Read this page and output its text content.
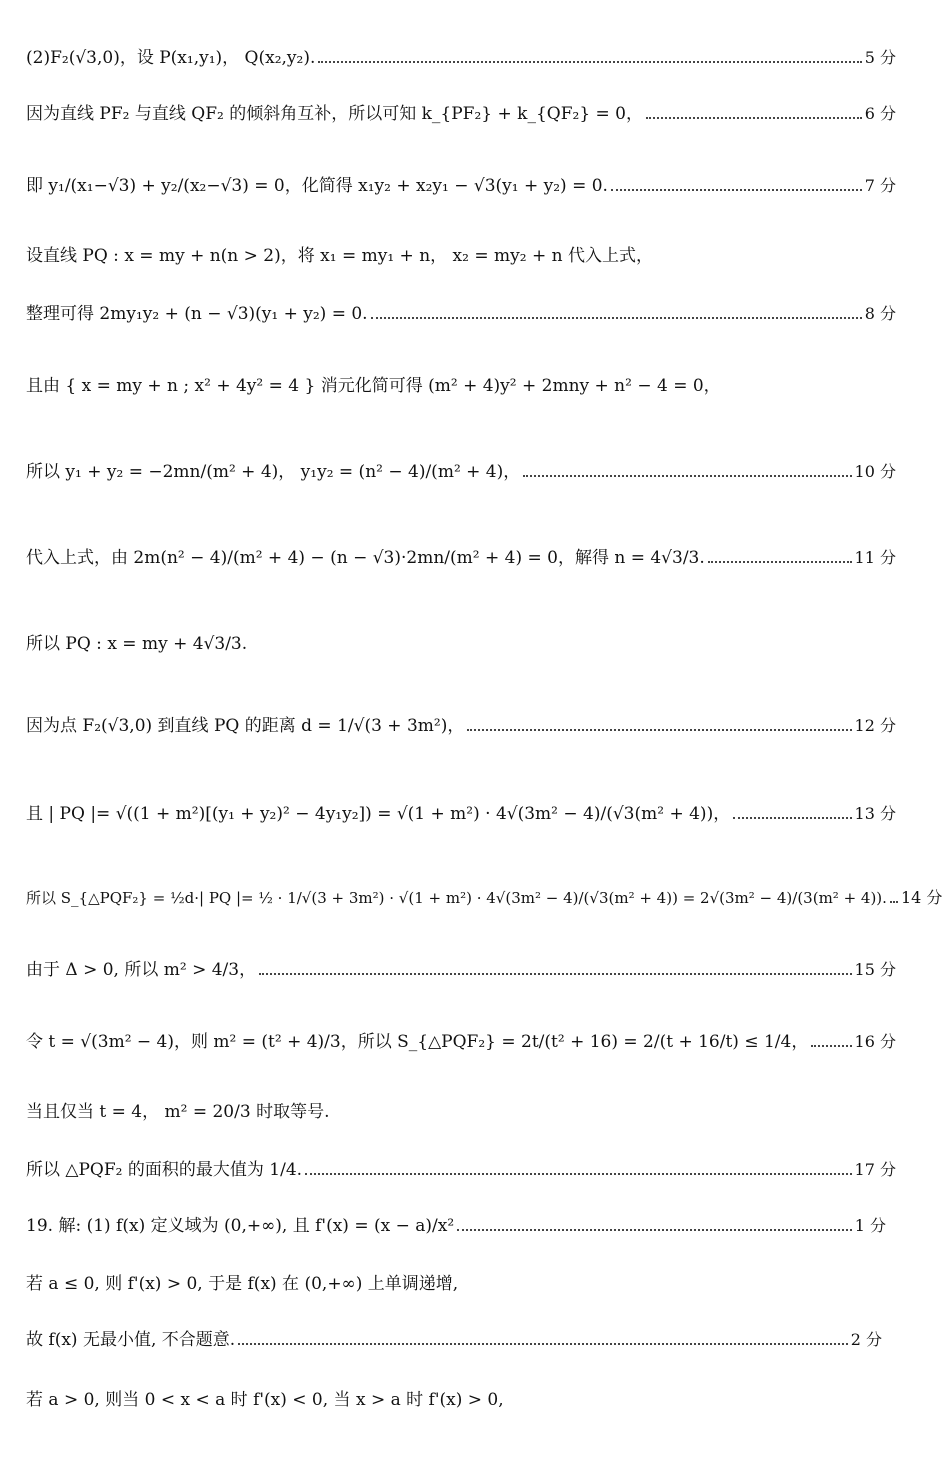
(2)F₂(√3,0)，设 P(x₁,y₁)， Q(x₂,y₂).	5 分
因为直线 PF₂ 与直线 QF₂ 的倾斜角互补，所以可知 k_{PF₂} + k_{QF₂} = 0，	6 分
即 y₁/(x₁−√3) + y₂/(x₂−√3) = 0，化简得 x₁y₂ + x₂y₁ − √3(y₁ + y₂) = 0.	7 分
设直线 PQ : x = my + n(n > 2)，将 x₁ = my₁ + n， x₂ = my₂ + n 代入上式，
整理可得 2my₁y₂ + (n − √3)(y₁ + y₂) = 0.	8 分
且由 { x = my + n ; x² + 4y² = 4 } 消元化简可得 (m² + 4)y² + 2mny + n² − 4 = 0，
所以 y₁ + y₂ = −2mn/(m² + 4)， y₁y₂ = (n² − 4)/(m² + 4)，	10 分
代入上式，由 2m(n² − 4)/(m² + 4) − (n − √3)·2mn/(m² + 4) = 0，解得 n = 4√3/3.	11 分
所以 PQ : x = my + 4√3/3.
因为点 F₂(√3,0) 到直线 PQ 的距离 d = 1/√(3 + 3m²)，	12 分
且 | PQ |= √((1 + m²)[(y₁ + y₂)² − 4y₁y₂]) = √(1 + m²) · 4√(3m² − 4)/(√3(m² + 4))，	13 分
所以 S_{△PQF₂} = ½d·| PQ |= ½ · 1/√(3 + 3m²) · √(1 + m²) · 4√(3m² − 4)/(√3(m² + 4)) = 2√(3m² − 4)/(3(m² + 4)). 14 分
由于 Δ > 0, 所以 m² > 4/3，	15 分
令 t = √(3m² − 4)，则 m² = (t² + 4)/3，所以 S_{△PQF₂} = 2t/(t² + 16) = 2/(t + 16/t) ≤ 1/4，	16 分
当且仅当 t = 4， m² = 20/3 时取等号.
所以 △PQF₂ 的面积的最大值为 1/4.	17 分
19. 解: (1) f(x) 定义域为 (0,+∞), 且 f'(x) = (x − a)/x²	1 分
若 a ≤ 0, 则 f'(x) > 0, 于是 f(x) 在 (0,+∞) 上单调递增,
故 f(x) 无最小值, 不合题意.	2 分
若 a > 0, 则当 0 < x < a 时 f'(x) < 0, 当 x > a 时 f'(x) > 0,
